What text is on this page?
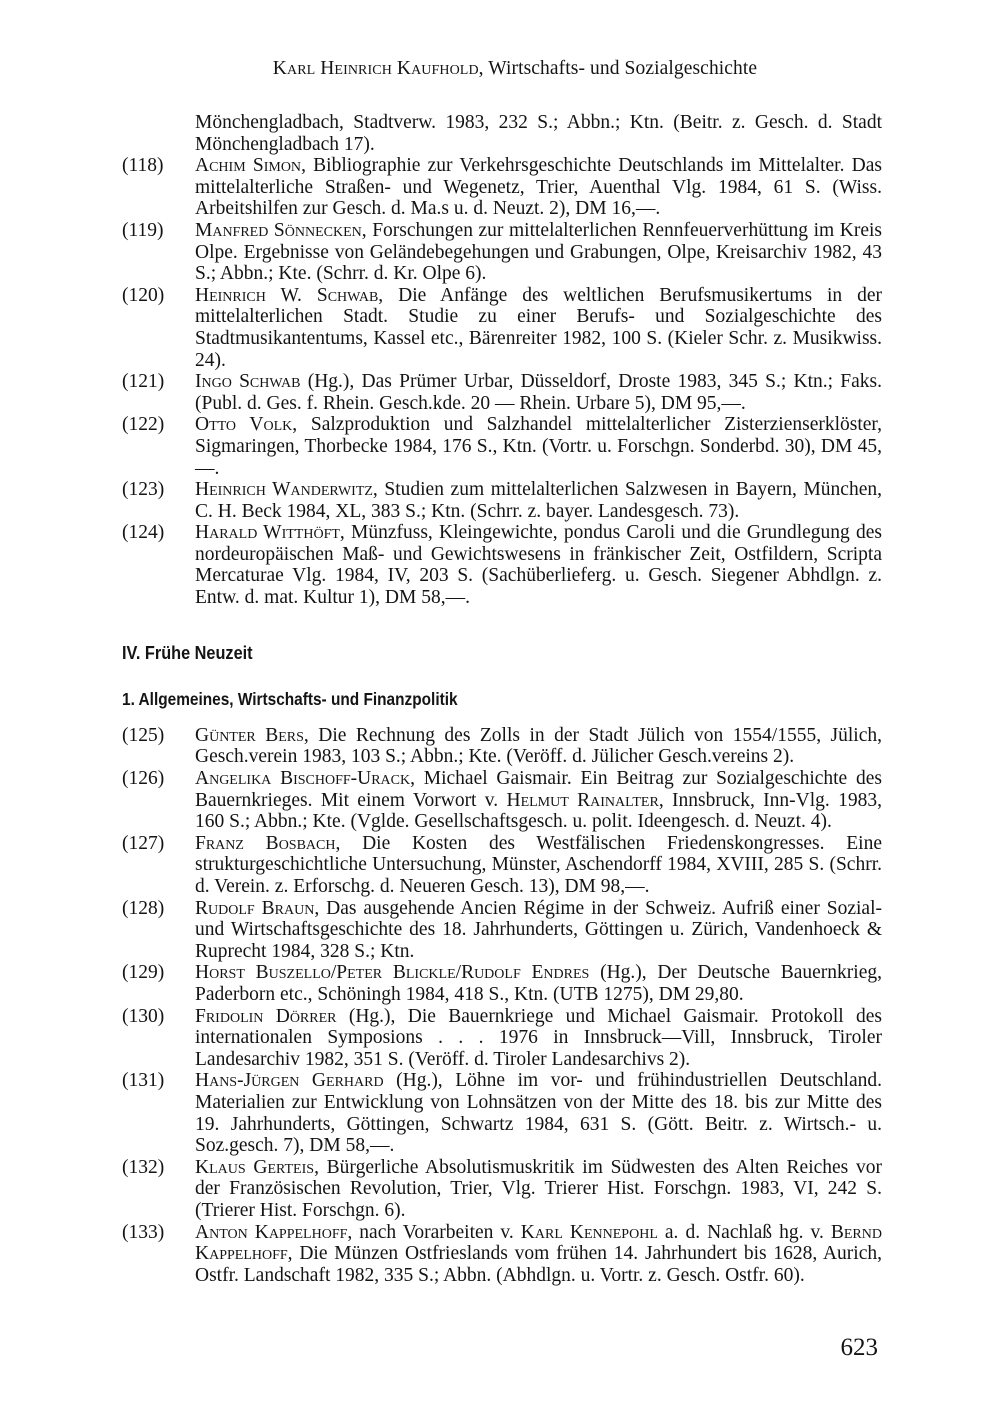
Karl Heinrich Kaufhold, Wirtschafts- und Sozialgeschichte
Mönchengladbach, Stadtverw. 1983, 232 S.; Abbn.; Ktn. (Beitr. z. Gesch. d. Stadt Mönchengladbach 17).
(118)	Achim Simon, Bibliographie zur Verkehrsgeschichte Deutschlands im Mittelalter. Das mittelalterliche Straßen- und Wegenetz, Trier, Auenthal Vlg. 1984, 61 S. (Wiss. Arbeitshilfen zur Gesch. d. Ma.s u. d. Neuzt. 2), DM 16,—.
(119)	Manfred Sönnecken, Forschungen zur mittelalterlichen Rennfeuerverhüttung im Kreis Olpe. Ergebnisse von Geländebegehungen und Grabungen, Olpe, Kreisarchiv 1982, 43 S.; Abbn.; Kte. (Schrr. d. Kr. Olpe 6).
(120)	Heinrich W. Schwab, Die Anfänge des weltlichen Berufsmusikertums in der mittelalterlichen Stadt. Studie zu einer Berufs- und Sozialgeschichte des Stadtmusikantentums, Kassel etc., Bärenreiter 1982, 100 S. (Kieler Schr. z. Musikwiss. 24).
(121)	Ingo Schwab (Hg.), Das Prümer Urbar, Düsseldorf, Droste 1983, 345 S.; Ktn.; Faks. (Publ. d. Ges. f. Rhein. Gesch.kde. 20 — Rhein. Urbare 5), DM 95,—.
(122)	Otto Volk, Salzproduktion und Salzhandel mittelalterlicher Zisterzienserklöster, Sigmaringen, Thorbecke 1984, 176 S., Ktn. (Vortr. u. Forschgn. Sonderbd. 30), DM 45,—.
(123)	Heinrich Wanderwitz, Studien zum mittelalterlichen Salzwesen in Bayern, München, C. H. Beck 1984, XL, 383 S.; Ktn. (Schrr. z. bayer. Landesgesch. 73).
(124)	Harald Witthöft, Münzfuss, Kleingewichte, pondus Caroli und die Grundlegung des nordeuropäischen Maß- und Gewichtswesens in fränkischer Zeit, Ostfildern, Scripta Mercaturae Vlg. 1984, IV, 203 S. (Sachüberlieferg. u. Gesch. Siegener Abhdlgn. z. Entw. d. mat. Kultur 1), DM 58,—.
IV. Frühe Neuzeit
1. Allgemeines, Wirtschafts- und Finanzpolitik
(125)	Günter Bers, Die Rechnung des Zolls in der Stadt Jülich von 1554/1555, Jülich, Gesch.verein 1983, 103 S.; Abbn.; Kte. (Veröff. d. Jülicher Gesch.vereins 2).
(126)	Angelika Bischoff-Urack, Michael Gaismair. Ein Beitrag zur Sozialgeschichte des Bauernkrieges. Mit einem Vorwort v. Helmut Rainalter, Innsbruck, Inn-Vlg. 1983, 160 S.; Abbn.; Kte. (Vglde. Gesellschaftsgesch. u. polit. Ideengesch. d. Neuzt. 4).
(127)	Franz Bosbach, Die Kosten des Westfälischen Friedenskongresses. Eine strukturgeschichtliche Untersuchung, Münster, Aschendorff 1984, XVIII, 285 S. (Schrr. d. Verein. z. Erforschg. d. Neueren Gesch. 13), DM 98,—.
(128)	Rudolf Braun, Das ausgehende Ancien Régime in der Schweiz. Aufriß einer Sozial- und Wirtschaftsgeschichte des 18. Jahrhunderts, Göttingen u. Zürich, Vandenhoeck & Ruprecht 1984, 328 S.; Ktn.
(129)	Horst Buszello/Peter Blickle/Rudolf Endres (Hg.), Der Deutsche Bauernkrieg, Paderborn etc., Schöningh 1984, 418 S., Ktn. (UTB 1275), DM 29,80.
(130)	Fridolin Dörrer (Hg.), Die Bauernkriege und Michael Gaismair. Protokoll des internationalen Symposions . . . 1976 in Innsbruck—Vill, Innsbruck, Tiroler Landesarchiv 1982, 351 S. (Veröff. d. Tiroler Landesarchivs 2).
(131)	Hans-Jürgen Gerhard (Hg.), Löhne im vor- und frühindustriellen Deutschland. Materialien zur Entwicklung von Lohnsätzen von der Mitte des 18. bis zur Mitte des 19. Jahrhunderts, Göttingen, Schwartz 1984, 631 S. (Gött. Beitr. z. Wirtsch.- u. Soz.gesch. 7), DM 58,—.
(132)	Klaus Gerteis, Bürgerliche Absolutismuskritik im Südwesten des Alten Reiches vor der Französischen Revolution, Trier, Vlg. Trierer Hist. Forschgn. 1983, VI, 242 S. (Trierer Hist. Forschgn. 6).
(133)	Anton Kappelhoff, nach Vorarbeiten v. Karl Kennepohl a. d. Nachlaß hg. v. Bernd Kappelhoff, Die Münzen Ostfrieslands vom frühen 14. Jahrhundert bis 1628, Aurich, Ostfr. Landschaft 1982, 335 S.; Abbn. (Abhdlgn. u. Vortr. z. Gesch. Ostfr. 60).
623
